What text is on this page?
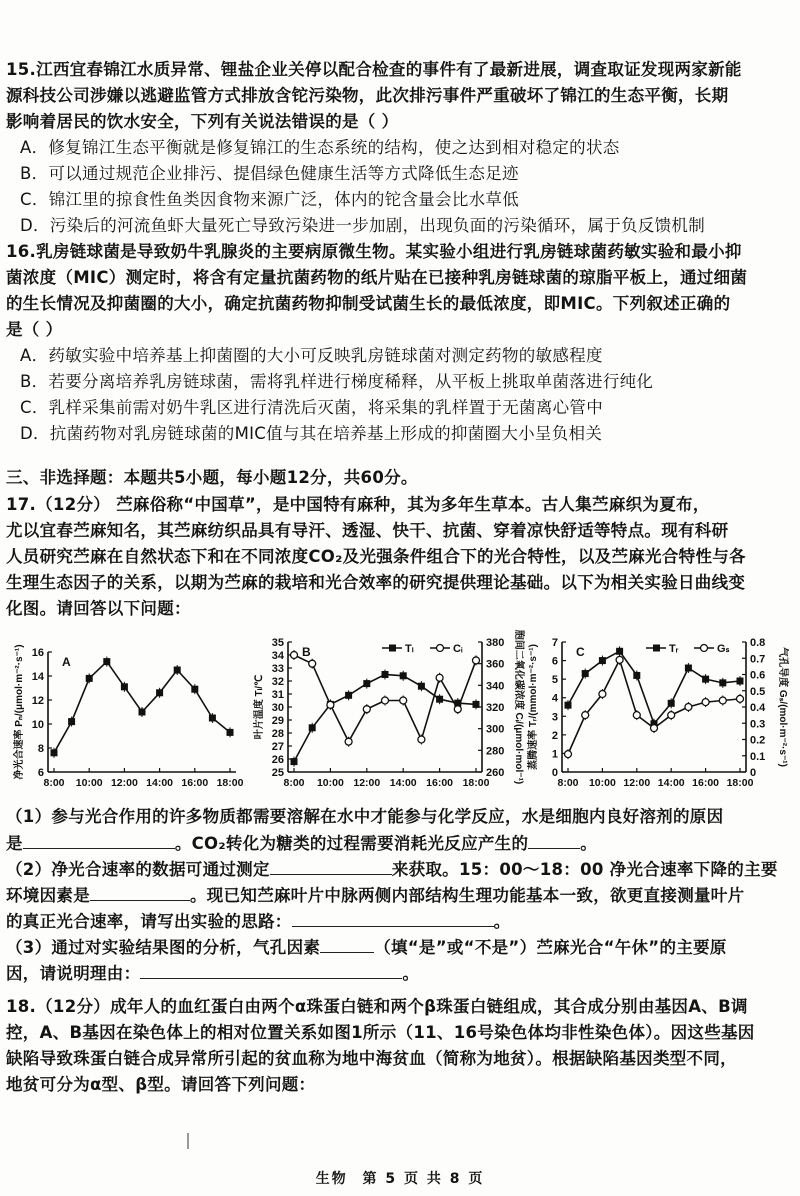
15.江西宜春锦江水质异常、锂盐企业关停以配合检查的事件有了最新进展，调查取证发现两家新能
源科技公司涉嫌以逃避监管方式排放含铊污染物，此次排污事件严重破坏了锦江的生态平衡，长期
影响着居民的饮水安全，下列有关说法错误的是（ ）
A．修复锦江生态平衡就是修复锦江的生态系统的结构，使之达到相对稳定的状态
B．可以通过规范企业排污、提倡绿色健康生活等方式降低生态足迹
C．锦江里的掠食性鱼类因食物来源广泛，体内的铊含量会比水草低
D．污染后的河流鱼虾大量死亡导致污染进一步加剧，出现负面的污染循环，属于负反馈机制
16.乳房链球菌是导致奶牛乳腺炎的主要病原微生物。某实验小组进行乳房链球菌药敏实验和最小抑
菌浓度（MIC）测定时，将含有定量抗菌药物的纸片贴在已接种乳房链球菌的琼脂平板上，通过细菌
的生长情况及抑菌圈的大小，确定抗菌药物抑制受试菌生长的最低浓度，即MIC。下列叙述正确的
是（ ）
A．药敏实验中培养基上抑菌圈的大小可反映乳房链球菌对测定药物的敏感程度
B．若要分离培养乳房链球菌，需将乳样进行梯度稀释，从平板上挑取单菌落进行纯化
C．乳样采集前需对奶牛乳区进行清洗后灭菌，将采集的乳样置于无菌离心管中
D．抗菌药物对乳房链球菌的MIC值与其在培养基上形成的抑菌圈大小呈负相关
三、非选择题：本题共5小题，每小题12分，共60分。
17.（12分） 苎麻俗称“中国草”，是中国特有麻种，其为多年生草本。古人集苎麻织为夏布，
尤以宜春苎麻知名，其苎麻纺织品具有导汗、透湿、快干、抗菌、穿着凉快舒适等特点。现有科研
人员研究苎麻在自然状态下和在不同浓度CO₂及光强条件组合下的光合特性，以及苎麻光合特性与各
生理生态因子的关系，以期为苎麻的栽培和光合效率的研究提供理论基础。以下为相关实验日曲线变
化图。请回答以下问题：
6
8
10
12
14
16
8:00 10:00 12:00 14:00 16:00 18:00
净光合速率 Pₙ/(μmol·m⁻²·s⁻¹)	A
25
26
27
28
29
30
31
32
33
34
35
260
280
300
320
340
360
380
8:00 10:00 12:00 14:00 16:00 18:00
叶片温度 Tₗ/℃	胞间二氧化碳浓度 Cᵢ/(μmol·mol⁻¹)
B	Tₗ	Cᵢ
0
1
2
3
4
5
6
7
0
0.1
0.2
0.3
0.4
0.5
0.6
0.7
0.8
8:00 10:00 12:00 14:00 16:00 18:00
蒸腾速率 Tᵣ/(mmol·m⁻²·s⁻¹)	气孔导度 Gₛ/(mol·m⁻²·s⁻¹)
C	Tᵣ	Gₛ
（1）参与光合作用的许多物质都需要溶解在水中才能参与化学反应，水是细胞内良好溶剂的原因
是	。CO₂转化为糖类的过程需要消耗光反应产生的	。
（2）净光合速率的数据可通过测定	来获取。15：00～18：00 净光合速率下降的主要
环境因素是	。现已知苎麻叶片中脉两侧内部结构生理功能基本一致，欲更直接测量叶片
的真正光合速率，请写出实验的思路：	。
（3）通过对实验结果图的分析，气孔因素	（填“是”或“不是”）苎麻光合“午休”的主要原
因，请说明理由：	。
18.（12分）成年人的血红蛋白由两个α珠蛋白链和两个β珠蛋白链组成，其合成分别由基因A、B调
控，A、B基因在染色体上的相对位置关系如图1所示（11、16号染色体均非性染色体）。因这些基因
缺陷导致珠蛋白链合成异常所引起的贫血称为地中海贫血（简称为地贫）。根据缺陷基因类型不同，
地贫可分为α型、β型。请回答下列问题：
生物 第 5 页 共 8 页
